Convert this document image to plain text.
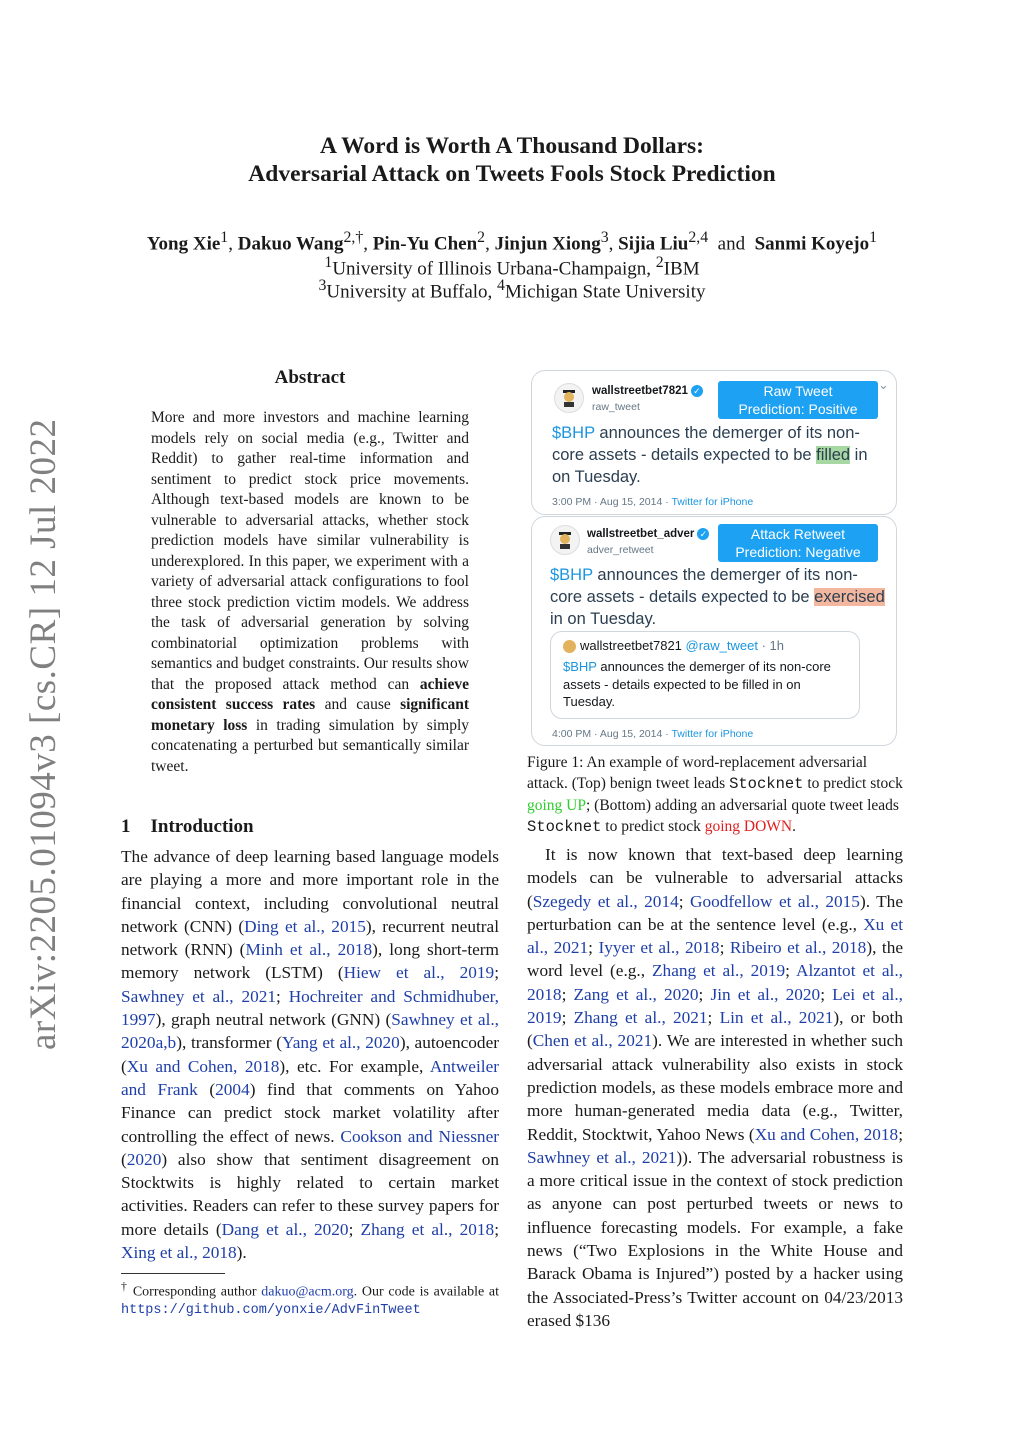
arXiv:2205.01094v3 [cs.CR] 12 Jul 2022
A Word is Worth A Thousand Dollars:
Adversarial Attack on Tweets Fools Stock Prediction
Yong Xie$^1$, Dakuo Wang$^{2,\dagger}$, Pin-Yu Chen$^2$, Jinjun Xiong$^3$, Sijia Liu$^{2,4}$ and Sanmi Koyejo$^1$
$^1$University of Illinois Urbana-Champaign, $^2$IBM
$^3$University at Buffalo, $^4$Michigan State University
Abstract
More and more investors and machine learning models rely on social media (e.g., Twitter and Reddit) to gather real-time information and sentiment to predict stock price movements. Although text-based models are known to be vulnerable to adversarial attacks, whether stock prediction models have similar vulnerability is underexplored. In this paper, we experiment with a variety of adversarial attack configurations to fool three stock prediction victim models. We address the task of adversarial generation by solving combinatorial optimization problems with semantics and budget constraints. Our results show that the proposed attack method can achieve consistent success rates and cause significant monetary loss in trading simulation by simply concatenating a perturbed but semantically similar tweet.
1 Introduction

The advance of deep learning based language models are playing a more and more important role in the financial context, including convolutional neutral network (CNN) (Ding et al., 2015), recurrent neutral network (RNN) (Minh et al., 2018), long short-term memory network (LSTM) (Hiew et al., 2019; Sawhney et al., 2021; Hochreiter and Schmidhuber, 1997), graph neutral network (GNN) (Sawhney et al., 2020a,b), transformer (Yang et al., 2020), autoencoder (Xu and Cohen, 2018), etc. For example, Antweiler and Frank (2004) find that comments on Yahoo Finance can predict stock market volatility after controlling the effect of news. Cookson and Niessner (2020) also show that sentiment disagreement on Stocktwits is highly related to certain market activities. Readers can refer to these survey papers for more details (Dang et al., 2020; Zhang et al., 2018; Xing et al., 2018).

† Corresponding author dakuo@acm.org. Our code is available at https://github.com/yonxie/AdvFinTweet
wallstreetbet7821 ✓
raw_tweet
⌄
Raw Tweet
Prediction: Positive
$BHP announces the demerger of its non-core assets - details expected to be filled in on Tuesday.
3:00 PM · Aug 15, 2014 · Twitter for iPhone
wallstreetbet_adver ✓
adver_retweet
Attack Retweet
Prediction: Negative
$BHP announces the demerger of its non-core assets - details expected to be exercised in on Tuesday.
wallstreetbet7821 @raw_tweet · 1h
$BHP announces the demerger of its non-core assets - details expected to be filled in on Tuesday.
4:00 PM · Aug 15, 2014 · Twitter for iPhone
Figure 1: An example of word-replacement adversarial attack. (Top) benign tweet leads Stocknet to predict stock going UP; (Bottom) adding an adversarial quote tweet leads Stocknet to predict stock going DOWN.

It is now known that text-based deep learning models can be vulnerable to adversarial attacks (Szegedy et al., 2014; Goodfellow et al., 2015). The perturbation can be at the sentence level (e.g., Xu et al., 2021; Iyyer et al., 2018; Ribeiro et al., 2018), the word level (e.g., Zhang et al., 2019; Alzantot et al., 2018; Zang et al., 2020; Jin et al., 2020; Lei et al., 2019; Zhang et al., 2021; Lin et al., 2021), or both (Chen et al., 2021). We are interested in whether such adversarial attack vulnerability also exists in stock prediction models, as these models embrace more and more human-generated media data (e.g., Twitter, Reddit, Stocktwit, Yahoo News (Xu and Cohen, 2018; Sawhney et al., 2021)). The adversarial robustness is a more critical issue in the context of stock prediction as anyone can post perturbed tweets or news to influence forecasting models. For example, a fake news (“Two Explosions in the White House and Barack Obama is Injured”) posted by a hacker using the Associated-Press’s Twitter account on 04/23/2013 erased $136
